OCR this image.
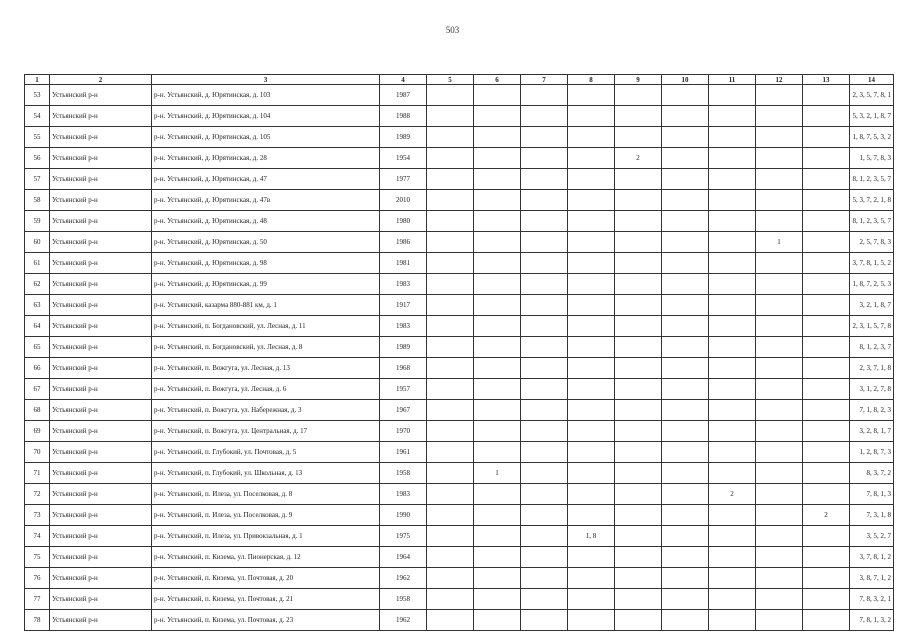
503
1	2	3	4	5	6	7	8	9	10	11	12	13	14
53	Устьянский р-н	р-н. Устьянский, д. Юрятинская, д. 103	1987										2, 3, 5, 7, 8, 1
54	Устьянский р-н	р-н. Устьянский, д. Юрятинская, д. 104	1988										5, 3, 2, 1, 8, 7
55	Устьянский р-н	р-н. Устьянский, д. Юрятинская, д. 105	1989										1, 8, 7, 5, 3, 2
56	Устьянский р-н	р-н. Устьянский, д. Юрятинская, д. 28	1954					2					1, 5, 7, 8, 3
57	Устьянский р-н	р-н. Устьянский, д. Юрятинская, д. 47	1977										8, 1, 2, 3, 5, 7
58	Устьянский р-н	р-н. Устьянский, д. Юрятинская, д. 47в	2010										5, 3, 7, 2, 1, 8
59	Устьянский р-н	р-н. Устьянский, д. Юрятинская, д. 48	1980										8, 1, 2, 3, 5, 7
60	Устьянский р-н	р-н. Устьянский, д. Юрятинская, д. 50	1986								1		2, 5, 7, 8, 3
61	Устьянский р-н	р-н. Устьянский, д. Юрятинская, д. 98	1981										3, 7, 8, 1, 5, 2
62	Устьянский р-н	р-н. Устьянский, д. Юрятинская, д. 99	1983										1, 8, 7, 2, 5, 3
63	Устьянский р-н	р-н. Устьянский, казарма 880-881 км, д. 1	1917										3, 2, 1, 8, 7
64	Устьянский р-н	р-н. Устьянский, п. Богдановский, ул. Лесная, д. 11	1983										2, 3, 1, 5, 7, 8
65	Устьянский р-н	р-н. Устьянский, п. Богдановский, ул. Лесная, д. 8	1989										8, 1, 2, 3, 7
66	Устьянский р-н	р-н. Устьянский, п. Вожгуга, ул. Лесная, д. 13	1968										2, 3, 7, 1, 8
67	Устьянский р-н	р-н. Устьянский, п. Вожгуга, ул. Лесная, д. 6	1957										3, 1, 2, 7, 8
68	Устьянский р-н	р-н. Устьянский, п. Вожгуга, ул. Набережная, д. 3	1967										7, 1, 8, 2, 3
69	Устьянский р-н	р-н. Устьянский, п. Вожгуга, ул. Центральная, д. 17	1970										3, 2, 8, 1, 7
70	Устьянский р-н	р-н. Устьянский, п. Глубокий, ул. Почтовая, д. 5	1961										1, 2, 8, 7, 3
71	Устьянский р-н	р-н. Устьянский, п. Глубокий, ул. Школьная, д. 13	1958		1								8, 3, 7, 2
72	Устьянский р-н	р-н. Устьянский, п. Илеза, ул. Поселковая, д. 8	1983							2			7, 8, 1, 3
73	Устьянский р-н	р-н. Устьянский, п. Илеза, ул. Поселковая, д. 9	1990									2	7, 3, 1, 8
74	Устьянский р-н	р-н. Устьянский, п. Илеза, ул. Привокзальная, д. 1	1975				1, 8						3, 5, 2, 7
75	Устьянский р-н	р-н. Устьянский, п. Кизема, ул. Пионерская, д. 12	1964										3, 7, 8, 1, 2
76	Устьянский р-н	р-н. Устьянский, п. Кизема, ул. Почтовая, д. 20	1962										3, 8, 7, 1, 2
77	Устьянский р-н	р-н. Устьянский, п. Кизема, ул. Почтовая, д. 21	1958										7, 8, 3, 2, 1
78	Устьянский р-н	р-н. Устьянский, п. Кизема, ул. Почтовая, д. 23	1962										7, 8, 1, 3, 2
